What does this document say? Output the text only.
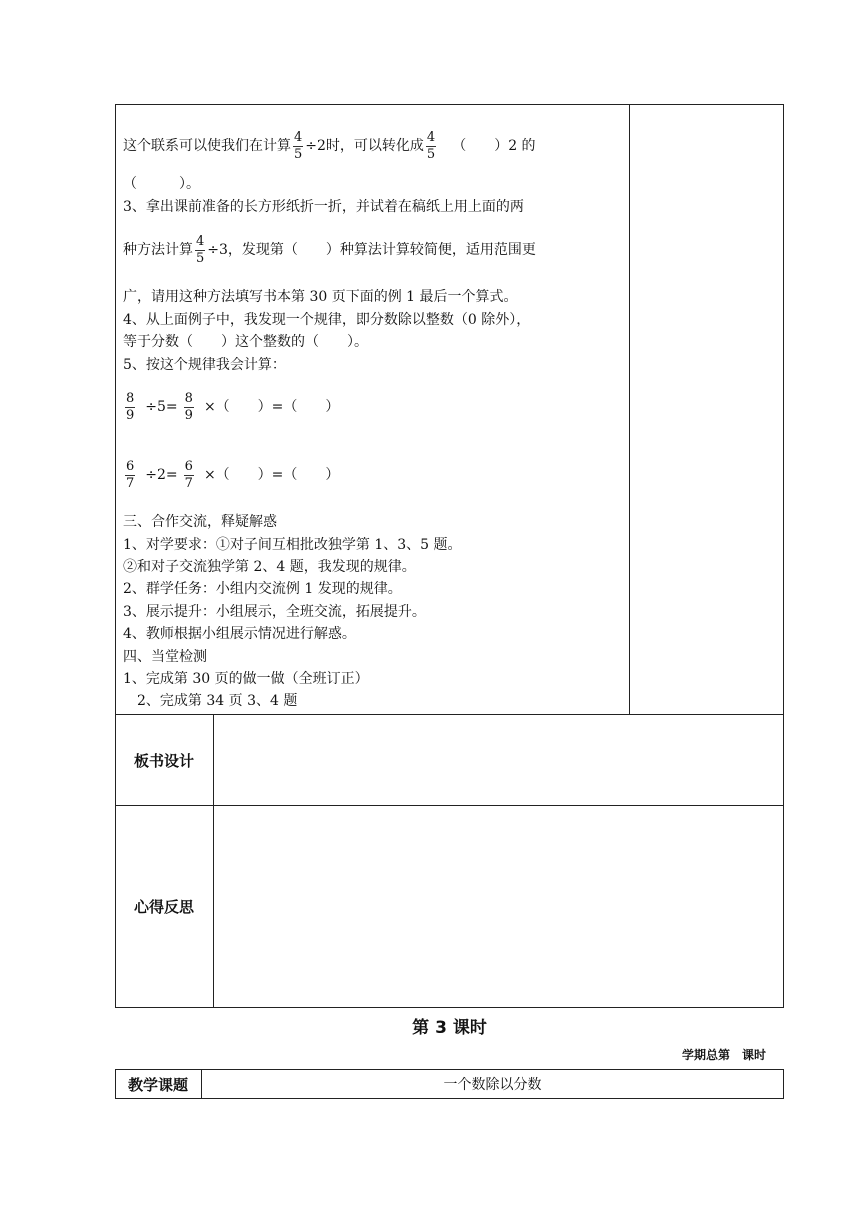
这个联系可以使我们在计算 $\frac{4}{5} \div 2$时，可以转化成 $\frac{4}{5}$ （　　）2 的
（　　　）。
3、拿出课前准备的长方形纸折一折，并试着在稿纸上用上面的两
种方法计算 $\frac{4}{5} \div 3$，发现第（　　）种算法计算较简便，适用范围更
广，请用这种方法填写书本第 30 页下面的例 1 最后一个算式。
4、从上面例子中，我发现一个规律，即分数除以整数（0 除外），
等于分数（　　）这个整数的（　　）。
5、按这个规律我会计算：
$\frac{8}{9} \div 5= \frac{8}{9}$ ×（　　）=（　　）
$\frac{6}{7} \div 2= \frac{6}{7}$ ×（　　）=（　　）
三、合作交流，释疑解惑
1、对学要求：①对子间互相批改独学第 1、3、5 题。
②和对子交流独学第 2、4 题，我发现的规律。
2、群学任务：小组内交流例 1 发现的规律。
3、展示提升：小组展示，全班交流，拓展提升。
4、教师根据小组展示情况进行解惑。
四、当堂检测
1、完成第 30 页的做一做（全班订正）
　2、完成第 34 页 3、4 题
板书设计
心得反思
第 3 课时
学期总第　课时
教学课题	一个数除以分数
